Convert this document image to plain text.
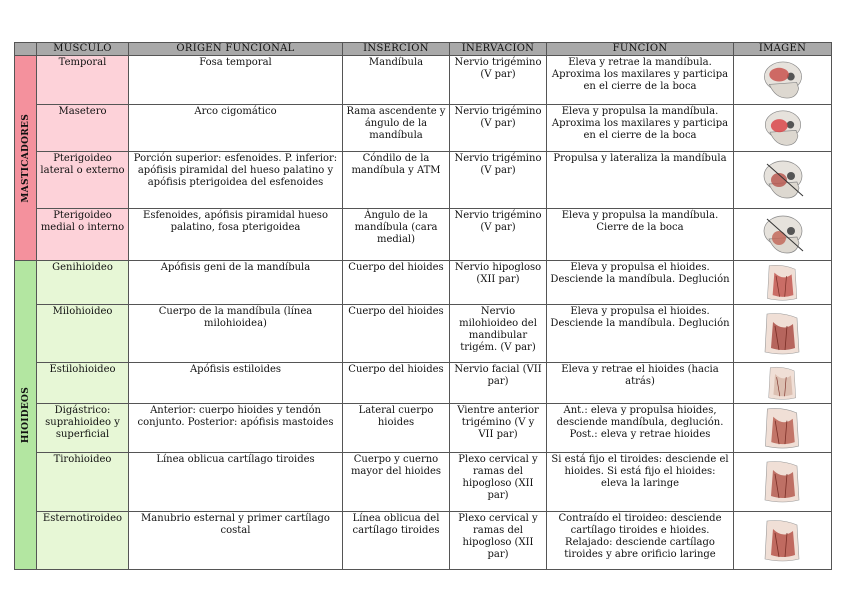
	MÚSCULO	ORIGEN FUNCIONAL	INSERCIÓN	INERVACIÓN	FUNCIÓN	IMAGEN

MASTICADORES	Temporal	Fosa temporal	Mandíbula	Nervio trigémino (V par)	Eleva y retrae la mandíbula. Aproxima los maxilares y participa en el cierre de la boca	

	Masetero	Arco cigomático	Rama ascendente y ángulo de la mandíbula	Nervio trigémino (V par)	Eleva y propulsa la mandíbula. Aproxima los maxilares y participa en el cierre de la boca	

	Pterigoideo lateral o externo	Porción superior: esfenoides. P. inferior: apófisis piramidal del hueso palatino y apófisis pterigoidea del esfenoides	Cóndilo de la mandíbula y ATM	Nervio trigémino (V par)	Propulsa y lateraliza la mandíbula	

	Pterigoideo medial o interno	Esfenoides, apófisis piramidal hueso palatino, fosa pterigoidea	Ángulo de la mandíbula (cara medial)	Nervio trigémino (V par)	Eleva y propulsa la mandíbula. Cierre de la boca	

HIOIDEOS	Genihioideo	Apófisis geni de la mandíbula	Cuerpo del hioides	Nervio hipogloso (XII par)	Eleva y propulsa el hioides. Desciende la mandíbula. Deglución	

	Milohioideo	Cuerpo de la mandíbula (línea milohioidea)	Cuerpo del hioides	Nervio milohioideo del mandibular trigém. (V par)	Eleva y propulsa el hioides. Desciende la mandíbula. Deglución	

	Estilohioideo	Apófisis estiloides	Cuerpo del hioides	Nervio facial (VII par)	Eleva y retrae el hioides (hacia atrás)	

	Digástrico: suprahioideo y superficial	Anterior: cuerpo hioides y tendón conjunto. Posterior: apófisis mastoides	Lateral cuerpo hioides	Vientre anterior trigémino (V y VII par)	Ant.: eleva y propulsa hioides, desciende mandíbula, deglución. Post.: eleva y retrae hioides	

	Tirohioideo	Línea oblicua cartílago tiroides	Cuerpo y cuerno mayor del hioides	Plexo cervical y ramas del hipogloso (XII par)	Si está fijo el tiroides: desciende el hioides. Si está fijo el hioides: eleva la laringe	

	Esternotiroideo	Manubrio esternal y primer cartílago costal	Línea oblicua del cartílago tiroides	Plexo cervical y ramas del hipogloso (XII par)	Contraído el tiroideo: desciende cartílago tiroides e hioides. Relajado: desciende cartílago tiroides y abre orificio laringe	
